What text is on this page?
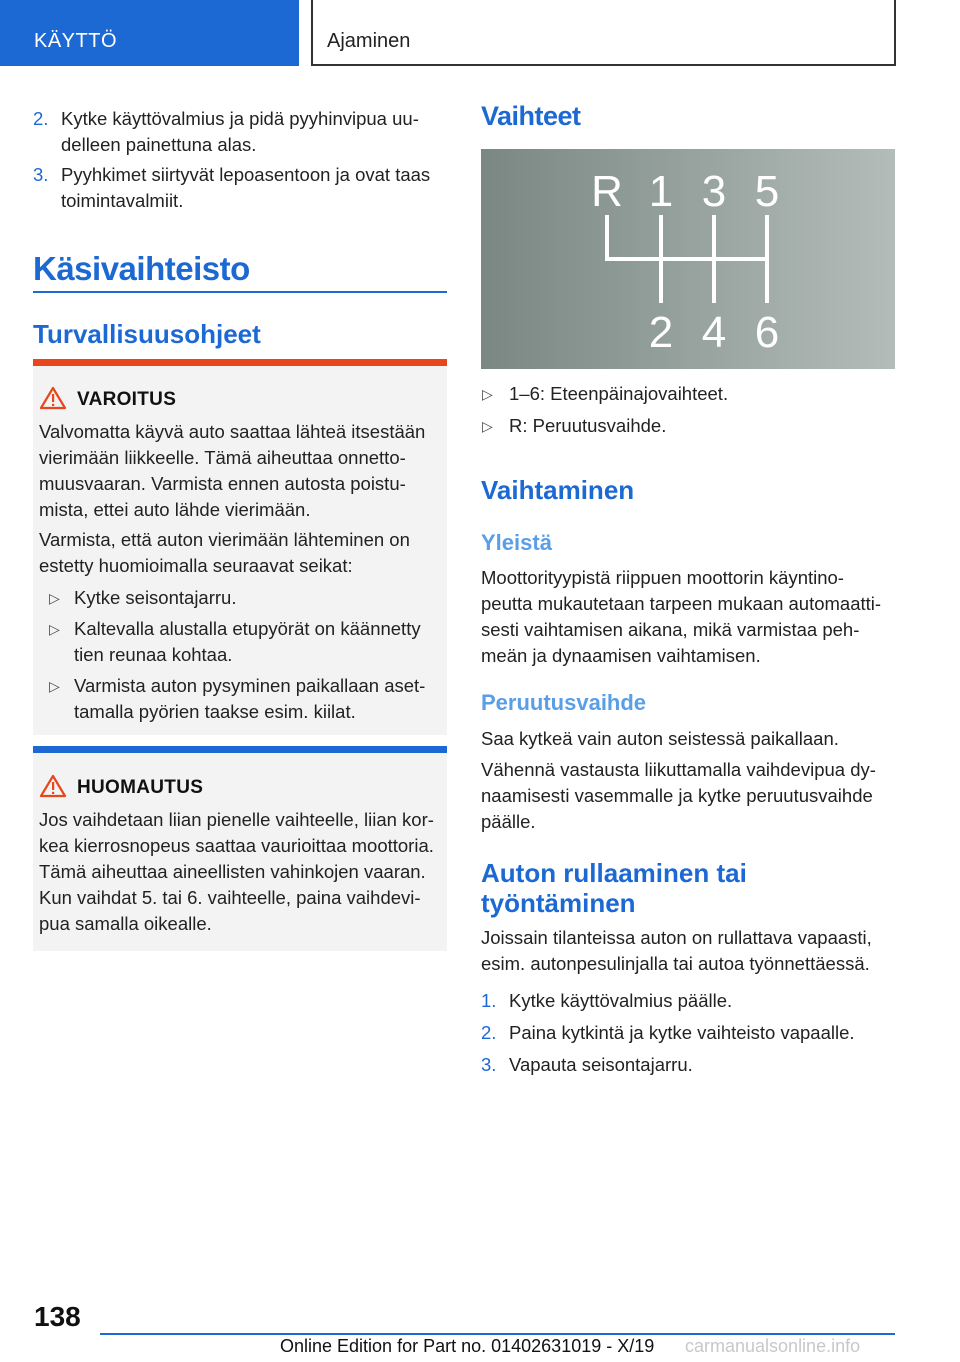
KÄYTTÖ	Ajaminen
2. Kytke käyttövalmius ja pidä pyyhinvipua uu‐
delleen painettuna alas.
3. Pyyhkimet siirtyvät lepoasentoon ja ovat taas
toimintavalmiit.
Käsivaihteisto
Turvallisuusohjeet
VAROITUS
Valvomatta käyvä auto saattaa lähteä itsestään
vierimään liikkeelle. Tämä aiheuttaa onnetto‐
muusvaaran. Varmista ennen autosta poistu‐
mista, ettei auto lähde vierimään.
Varmista, että auton vierimään lähteminen on
estetty huomioimalla seuraavat seikat:
▷ Kytke seisontajarru.
▷ Kaltevalla alustalla etupyörät on käännetty
tien reunaa kohtaa.
▷ Varmista auton pysyminen paikallaan aset‐
tamalla pyörien taakse esim. kiilat.
HUOMAUTUS
Jos vaihdetaan liian pienelle vaihteelle, liian kor‐
kea kierrosnopeus saattaa vaurioittaa moottoria.
Tämä aiheuttaa aineellisten vahinkojen vaaran.
Kun vaihdat 5. tai 6. vaihteelle, paina vaihdevi‐
pua samalla oikealle.
Vaihteet
R 1 3 5
2 4 6
▷ 1–6: Eteenpäinajovaihteet.
▷ R: Peruutusvaihde.
Vaihtaminen
Yleistä
Moottorityypistä riippuen moottorin käyntino‐
peutta mukautetaan tarpeen mukaan automaatti‐
sesti vaihtamisen aikana, mikä varmistaa peh‐
meän ja dynaamisen vaihtamisen.
Peruutusvaihde
Saa kytkeä vain auton seistessä paikallaan.
Vähennä vastausta liikuttamalla vaihdevipua dy‐
naamisesti vasemmalle ja kytke peruutusvaihde
päälle.
Auton rullaaminen tai
työntäminen
Joissain tilanteissa auton on rullattava vapaasti,
esim. autonpesulinjalla tai autoa työnnettäessä.
1. Kytke käyttövalmius päälle.
2. Paina kytkintä ja kytke vaihteisto vapaalle.
3. Vapauta seisontajarru.
138
Online Edition for Part no. 01402631019 - X/19 carmanualsonline.info
